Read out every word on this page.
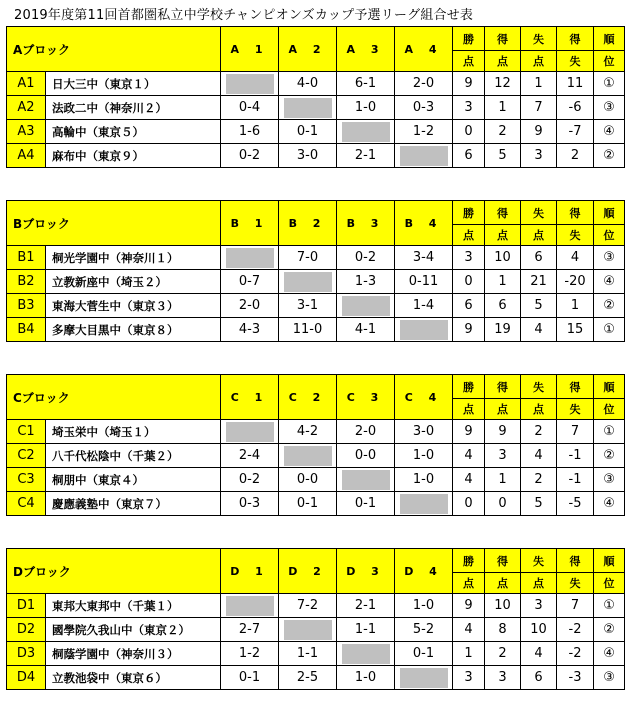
2019年度第11回首都圏私立中学校チャンピオンズカップ予選リーグ組合せ表
Aブロック		A 1	A 2	A 3	A 4	勝	得	失	得	順
						点	点	点	失	位
A1	日大三中（東京１）		4-0	6-1	2-0	9	12	1	11	①
A2	法政二中（神奈川２）	0-4		1-0	0-3	3	1	7	-6	③
A3	高輪中（東京５）	1-6	0-1		1-2	0	2	9	-7	④
A4	麻布中（東京９）	0-2	3-0	2-1		6	5	3	2	②
Bブロック		B 1	B 2	B 3	B 4	勝	得	失	得	順
						点	点	点	失	位
B1	桐光学園中（神奈川１）		7-0	0-2	3-4	3	10	6	4	③
B2	立教新座中（埼玉２）	0-7		1-3	0-11	0	1	21	-20	④
B3	東海大菅生中（東京３）	2-0	3-1		1-4	6	6	5	1	②
B4	多摩大目黒中（東京８）	4-3	11-0	4-1		9	19	4	15	①
Cブロック		C 1	C 2	C 3	C 4	勝	得	失	得	順
						点	点	点	失	位
C1	埼玉栄中（埼玉１）		4-2	2-0	3-0	9	9	2	7	①
C2	八千代松陰中（千葉２）	2-4		0-0	1-0	4	3	4	-1	②
C3	桐朋中（東京４）	0-2	0-0		1-0	4	1	2	-1	③
C4	慶應義塾中（東京７）	0-3	0-1	0-1		0	0	5	-5	④
Dブロック		D 1	D 2	D 3	D 4	勝	得	失	得	順
						点	点	点	失	位
D1	東邦大東邦中（千葉１）		7-2	2-1	1-0	9	10	3	7	①
D2	國學院久我山中（東京２）	2-7		1-1	5-2	4	8	10	-2	②
D3	桐蔭学園中（神奈川３）	1-2	1-1		0-1	1	2	4	-2	④
D4	立教池袋中（東京６）	0-1	2-5	1-0		3	3	6	-3	③
